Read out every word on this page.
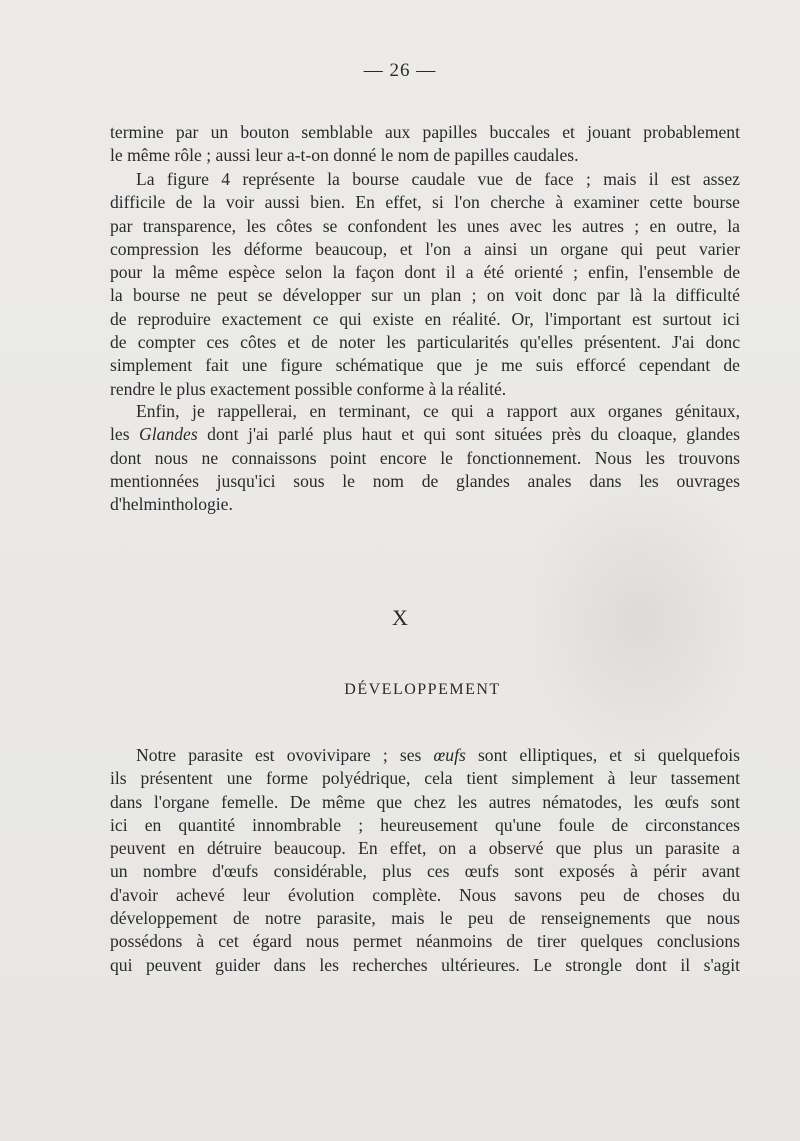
— 26 —

termine par un bouton semblable aux papilles buccales et jouant probablement
le même rôle ; aussi leur a-t-on donné le nom de papilles caudales.

La figure 4 représente la bourse caudale vue de face ; mais il est assez
difficile de la voir aussi bien. En effet, si l'on cherche à examiner cette bourse
par transparence, les côtes se confondent les unes avec les autres ; en outre, la
compression les déforme beaucoup, et l'on a ainsi un organe qui peut varier
pour la même espèce selon la façon dont il a été orienté ; enfin, l'ensemble de
la bourse ne peut se développer sur un plan ; on voit donc par là la difficulté
de reproduire exactement ce qui existe en réalité. Or, l'important est surtout ici
de compter ces côtes et de noter les particularités qu'elles présentent. J'ai donc
simplement fait une figure schématique que je me suis efforcé cependant de
rendre le plus exactement possible conforme à la réalité.

Enfin, je rappellerai, en terminant, ce qui a rapport aux organes génitaux,
les Glandes dont j'ai parlé plus haut et qui sont situées près du cloaque, glandes
dont nous ne connaissons point encore le fonctionnement. Nous les trouvons
mentionnées jusqu'ici sous le nom de glandes anales dans les ouvrages
d'helminthologie.

X
DÉVELOPPEMENT

Notre parasite est ovovivipare ; ses œufs sont elliptiques, et si quelquefois
ils présentent une forme polyédrique, cela tient simplement à leur tassement
dans l'organe femelle. De même que chez les autres nématodes, les œufs sont
ici en quantité innombrable ; heureusement qu'une foule de circonstances
peuvent en détruire beaucoup. En effet, on a observé que plus un parasite a
un nombre d'œufs considérable, plus ces œufs sont exposés à périr avant
d'avoir achevé leur évolution complète. Nous savons peu de choses du
développement de notre parasite, mais le peu de renseignements que nous
possédons à cet égard nous permet néanmoins de tirer quelques conclusions
qui peuvent guider dans les recherches ultérieures. Le strongle dont il s'agit
